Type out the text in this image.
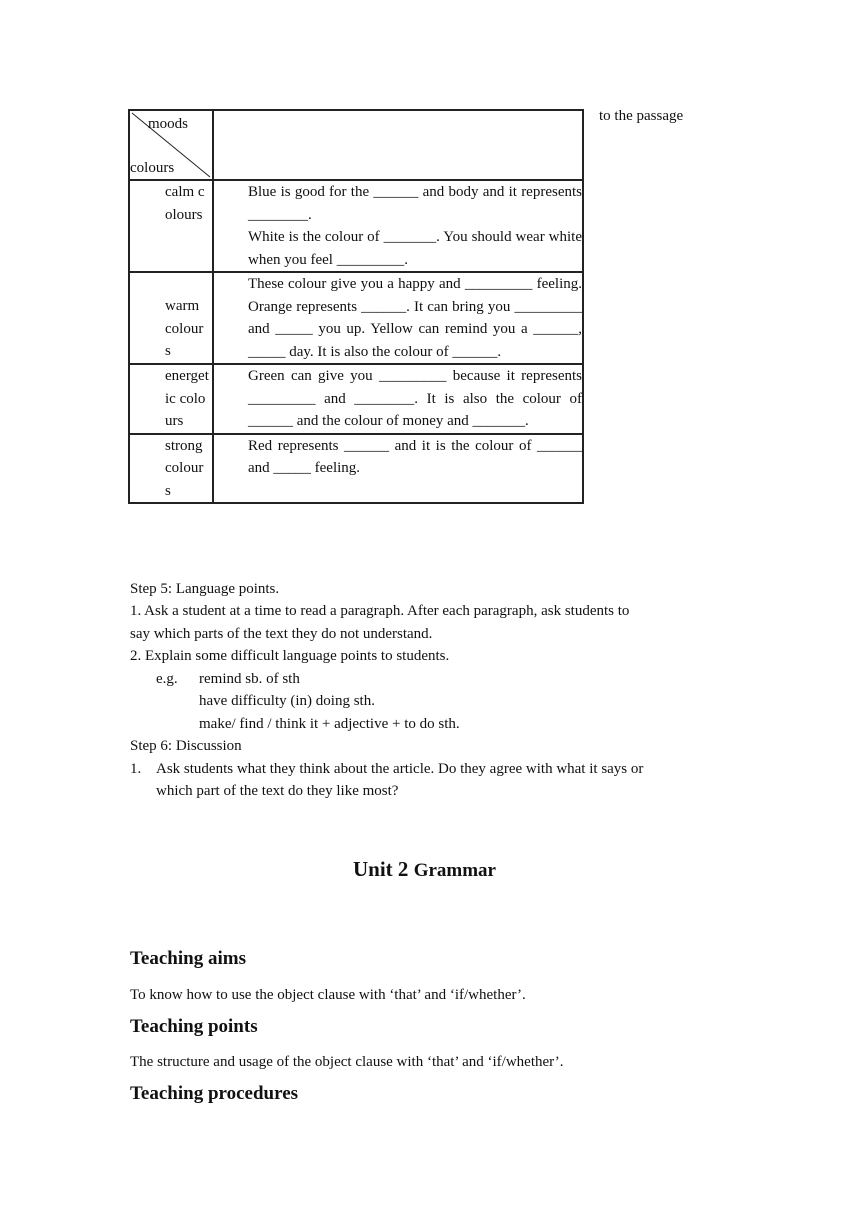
to the passage
moods
colours	

calm colours	Blue is good for the ______ and body and it represents ________.

White is the colour of _______. You should wear white when you feel _________.

warm colours	These colour give you a happy and _________ feeling. Orange represents ______. It can bring you _________ and _____ you up. Yellow can remind you a ______, _____ day. It is also the colour of ______.

energetic colours	Green can give you _________ because it represents _________ and ________. It is also the colour of ______ and the colour of money and _______.

strong colours	Red represents ______ and it is the colour of ______ and _____ feeling.

Step 5: Language points.
1. Ask a student at a time to read a paragraph. After each paragraph, ask students to
say which parts of the text they do not understand.
2. Explain some difficult language points to students.
e.g. remind sb. of sth
have difficulty (in) doing sth.
make/ find / think it + adjective + to do sth.
Step 6: Discussion
1. Ask students what they think about the article. Do they agree with what it says or
which part of the text do they like most?
Unit 2 Grammar
Teaching aims
To know how to use the object clause with ‘that’ and ‘if/whether’.
Teaching points
The structure and usage of the object clause with ‘that’ and ‘if/whether’.
Teaching procedures
